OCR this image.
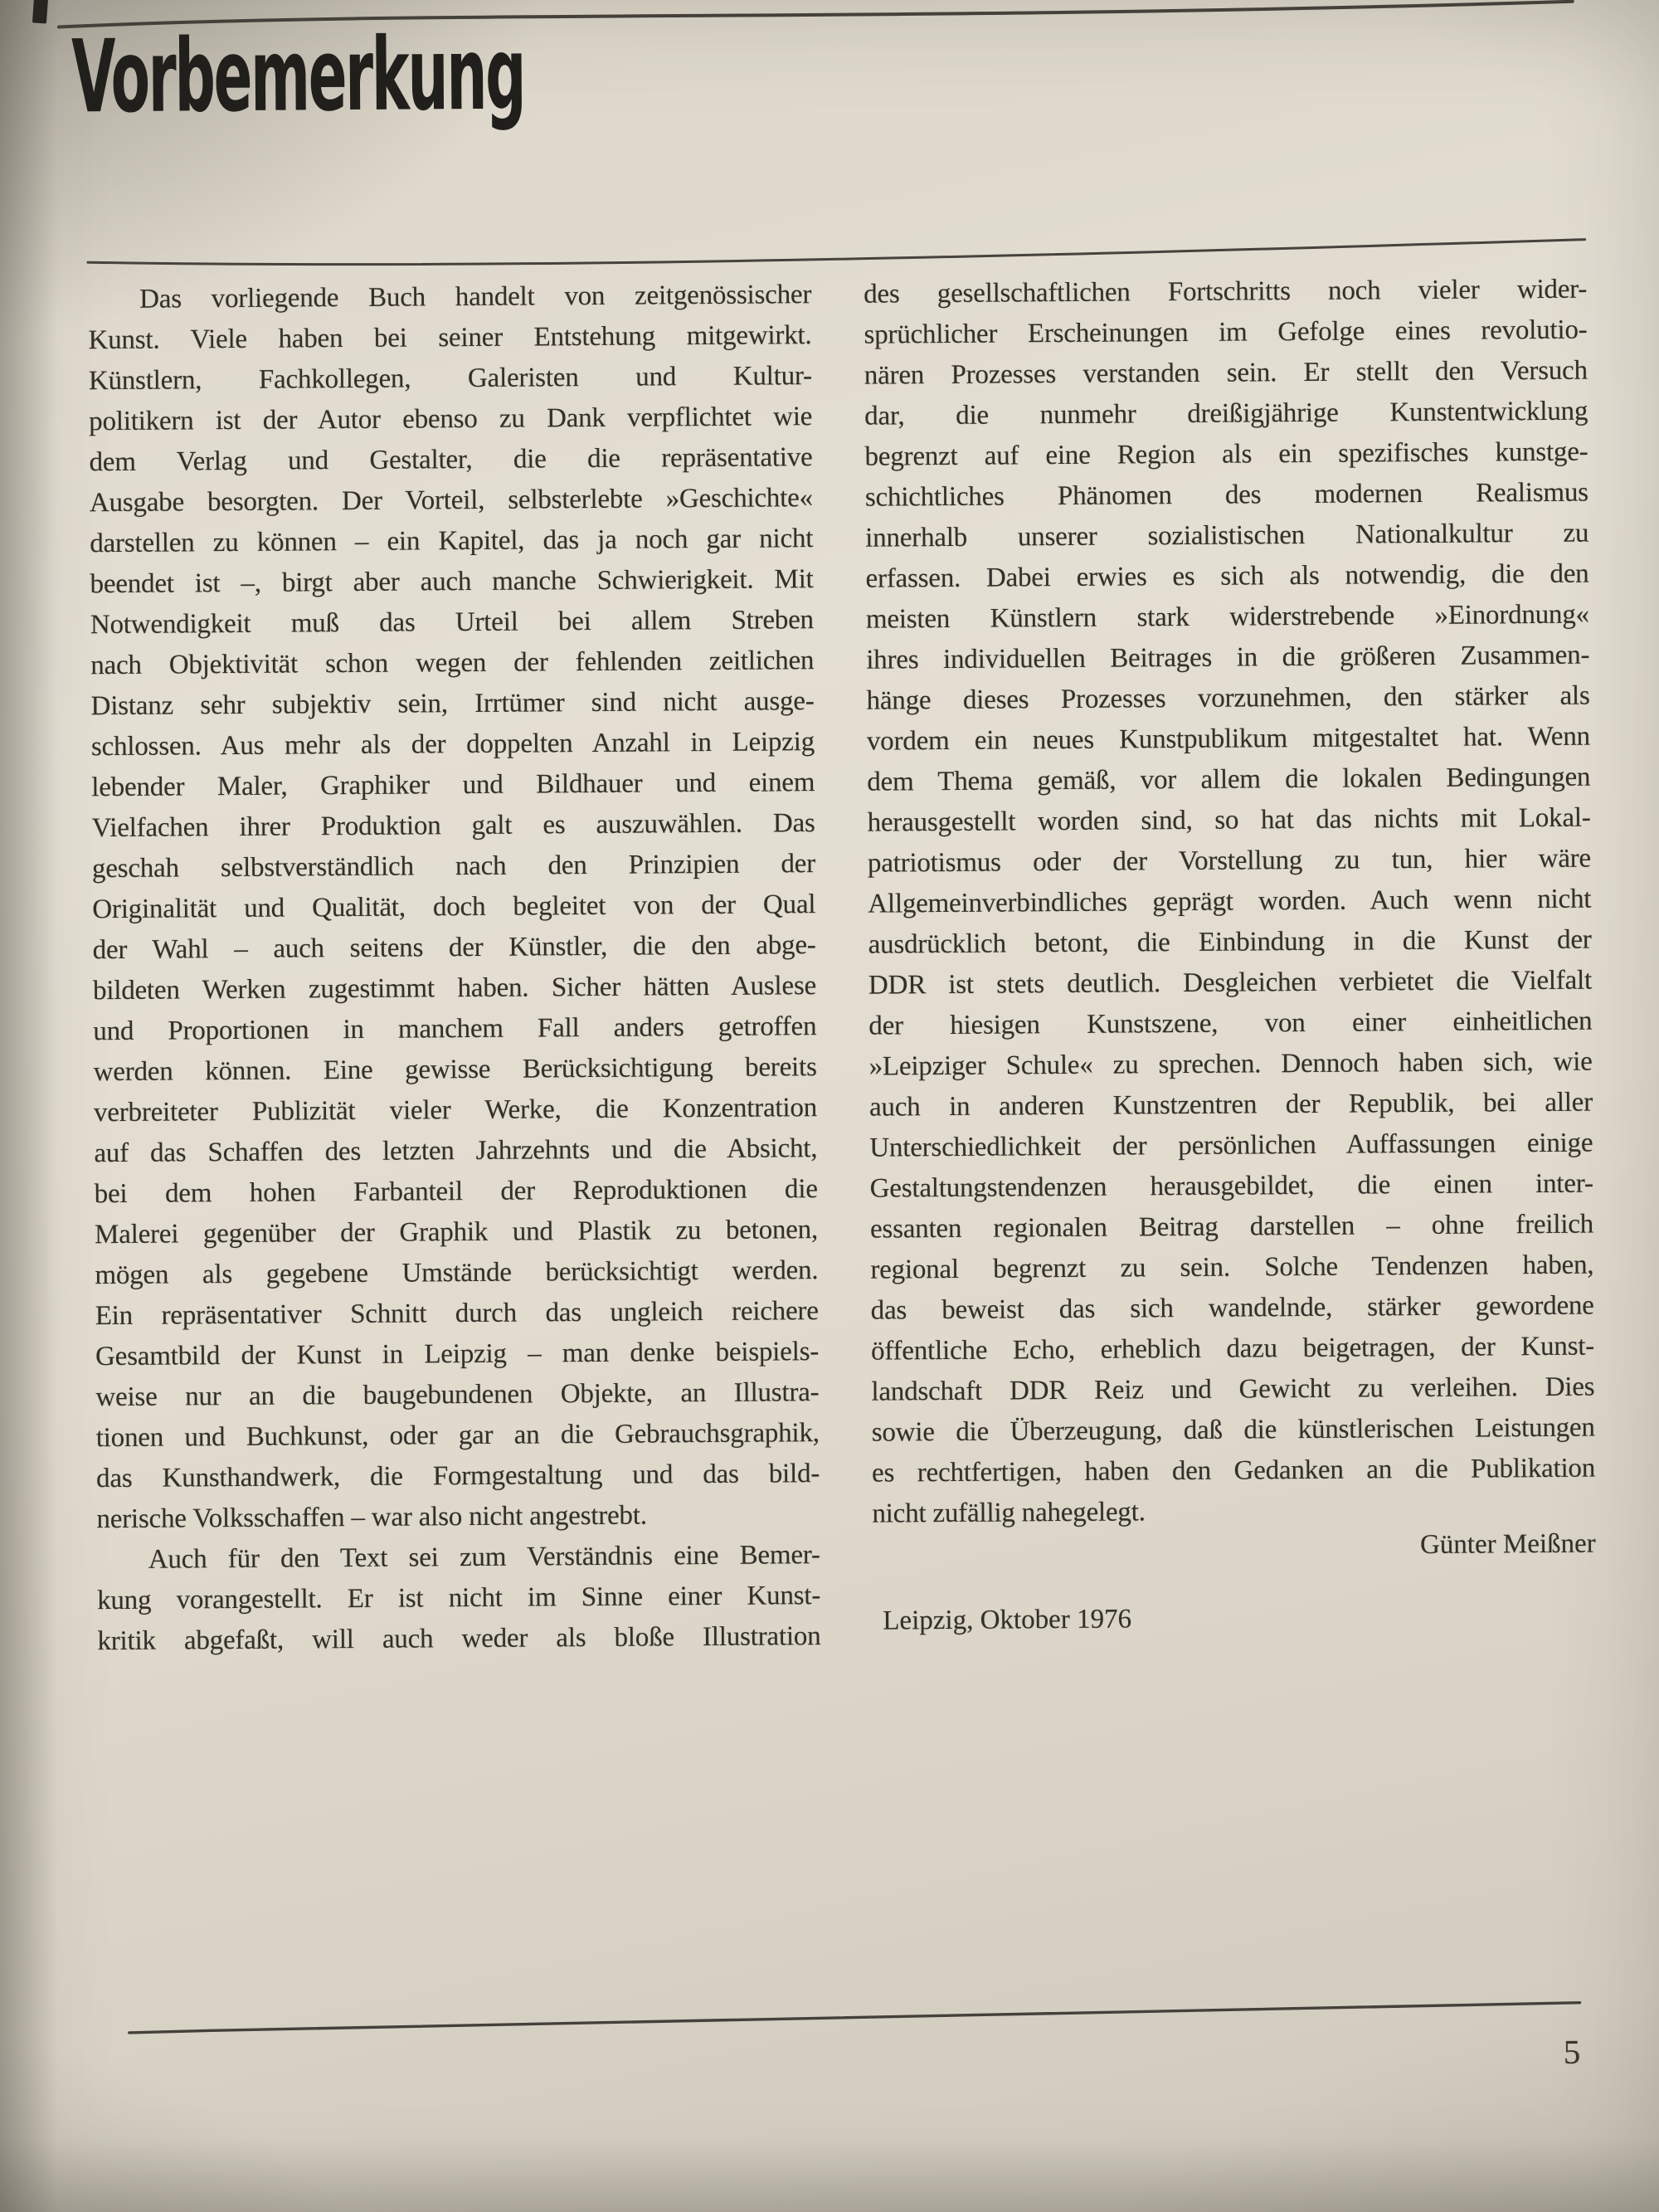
Vorbemerkung
Das vorliegende Buch handelt von zeitgenössischer
Kunst. Viele haben bei seiner Entstehung mitgewirkt.
Künstlern, Fachkollegen, Galeristen und Kultur-
politikern ist der Autor ebenso zu Dank verpflichtet wie
dem Verlag und Gestalter, die die repräsentative
Ausgabe besorgten. Der Vorteil, selbsterlebte »Geschichte«
darstellen zu können – ein Kapitel, das ja noch gar nicht
beendet ist –, birgt aber auch manche Schwierigkeit. Mit
Notwendigkeit muß das Urteil bei allem Streben
nach Objektivität schon wegen der fehlenden zeitlichen
Distanz sehr subjektiv sein, Irrtümer sind nicht ausge-
schlossen. Aus mehr als der doppelten Anzahl in Leipzig
lebender Maler, Graphiker und Bildhauer und einem
Vielfachen ihrer Produktion galt es auszuwählen. Das
geschah selbstverständlich nach den Prinzipien der
Originalität und Qualität, doch begleitet von der Qual
der Wahl – auch seitens der Künstler, die den abge-
bildeten Werken zugestimmt haben. Sicher hätten Auslese
und Proportionen in manchem Fall anders getroffen
werden können. Eine gewisse Berücksichtigung bereits
verbreiteter Publizität vieler Werke, die Konzentration
auf das Schaffen des letzten Jahrzehnts und die Absicht,
bei dem hohen Farbanteil der Reproduktionen die
Malerei gegenüber der Graphik und Plastik zu betonen,
mögen als gegebene Umstände berücksichtigt werden.
Ein repräsentativer Schnitt durch das ungleich reichere
Gesamtbild der Kunst in Leipzig – man denke beispiels-
weise nur an die baugebundenen Objekte, an Illustra-
tionen und Buchkunst, oder gar an die Gebrauchsgraphik,
das Kunsthandwerk, die Formgestaltung und das bild-
nerische Volksschaffen – war also nicht angestrebt.
Auch für den Text sei zum Verständnis eine Bemer-
kung vorangestellt. Er ist nicht im Sinne einer Kunst-
kritik abgefaßt, will auch weder als bloße Illustration
des gesellschaftlichen Fortschritts noch vieler wider-
sprüchlicher Erscheinungen im Gefolge eines revolutio-
nären Prozesses verstanden sein. Er stellt den Versuch
dar, die nunmehr dreißigjährige Kunstentwicklung
begrenzt auf eine Region als ein spezifisches kunstge-
schichtliches Phänomen des modernen Realismus
innerhalb unserer sozialistischen Nationalkultur zu
erfassen. Dabei erwies es sich als notwendig, die den
meisten Künstlern stark widerstrebende »Einordnung«
ihres individuellen Beitrages in die größeren Zusammen-
hänge dieses Prozesses vorzunehmen, den stärker als
vordem ein neues Kunstpublikum mitgestaltet hat. Wenn
dem Thema gemäß, vor allem die lokalen Bedingungen
herausgestellt worden sind, so hat das nichts mit Lokal-
patriotismus oder der Vorstellung zu tun, hier wäre
Allgemeinverbindliches geprägt worden. Auch wenn nicht
ausdrücklich betont, die Einbindung in die Kunst der
DDR ist stets deutlich. Desgleichen verbietet die Vielfalt
der hiesigen Kunstszene, von einer einheitlichen
»Leipziger Schule« zu sprechen. Dennoch haben sich, wie
auch in anderen Kunstzentren der Republik, bei aller
Unterschiedlichkeit der persönlichen Auffassungen einige
Gestaltungstendenzen herausgebildet, die einen inter-
essanten regionalen Beitrag darstellen – ohne freilich
regional begrenzt zu sein. Solche Tendenzen haben,
das beweist das sich wandelnde, stärker gewordene
öffentliche Echo, erheblich dazu beigetragen, der Kunst-
landschaft DDR Reiz und Gewicht zu verleihen. Dies
sowie die Überzeugung, daß die künstlerischen Leistungen
es rechtfertigen, haben den Gedanken an die Publikation
nicht zufällig nahegelegt.
Günter Meißner
Leipzig, Oktober 1976
5
